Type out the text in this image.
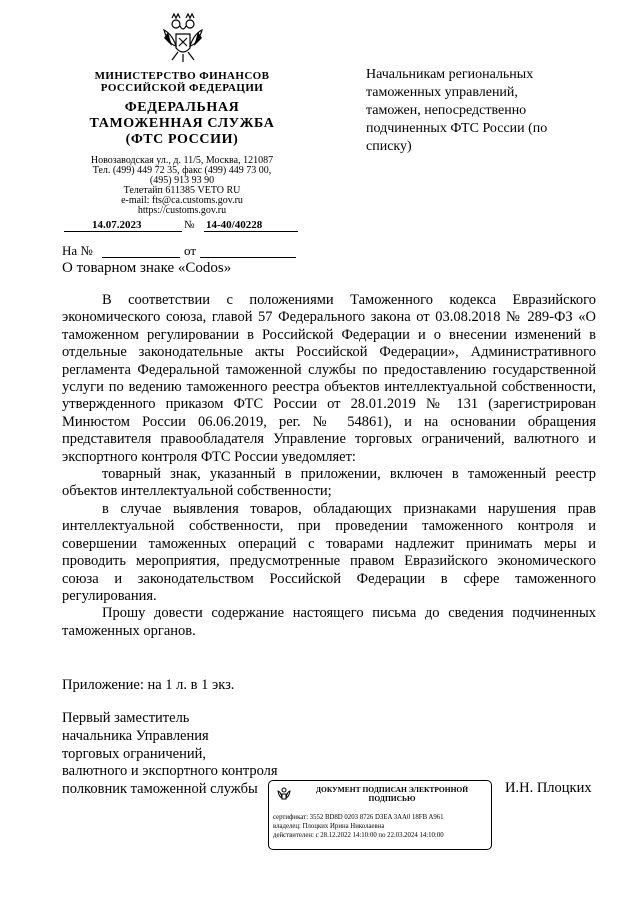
МИНИСТЕРСТВО ФИНАНСОВ
РОССИЙСКОЙ ФЕДЕРАЦИИ
ФЕДЕРАЛЬНАЯ
ТАМОЖЕННАЯ СЛУЖБА
(ФТС РОССИИ)
Новозаводская ул., д. 11/5, Москва, 121087
Тел. (499) 449 72 35, факс (499) 449 73 00,
(495) 913 93 90
Телетайп 611385 VETO RU
e-mail: fts@ca.customs.gov.ru
https://customs.gov.ru
14.07.2023	№ 14-40/40228
На №	от
О товарном знаке «Codos»
Начальникам региональных таможенных управлений, таможен, непосредственно подчиненных ФТС России (по списку)

В соответствии с положениями Таможенного кодекса Евразийского экономического союза, главой 57 Федерального закона от 03.08.2018 № 289-ФЗ «О таможенном регулировании в Российской Федерации и о внесении изменений в отдельные законодательные акты Российской Федерации», Административного регламента Федеральной таможенной службы по предоставлению государственной услуги по ведению таможенного реестра объектов интеллектуальной собственности, утвержденного приказом ФТС России от 28.01.2019 № 131 (зарегистрирован Минюстом России 06.06.2019, рег. № 54861), и на основании обращения представителя правообладателя Управление торговых ограничений, валютного и экспортного контроля ФТС России уведомляет:

товарный знак, указанный в приложении, включен в таможенный реестр объектов интеллектуальной собственности;

в случае выявления товаров, обладающих признаками нарушения прав интеллектуальной собственности, при проведении таможенного контроля и совершении таможенных операций с товарами надлежит принимать меры и проводить мероприятия, предусмотренные правом Евразийского экономического союза и законодательством Российской Федерации в сфере таможенного регулирования.

Прошу довести содержание настоящего письма до сведения подчиненных таможенных органов.

Приложение: на 1 л. в 1 экз.
Первый заместитель
начальника Управления
торговых ограничений,
валютного и экспортного контроля
полковник таможенной службы	ДОКУМЕНТ ПОДПИСАН ЭЛЕКТРОННОЙ
ПОДПИСЬЮ
сертификат: 3552 BD8D 0203 8726 D3EA 3AA0 18FB A961
владелец: Плоцких Ирина Николаевна
действителен: с 28.12.2022 14:10:00 по 22.03.2024 14:10:00
И.Н. Плоцких
